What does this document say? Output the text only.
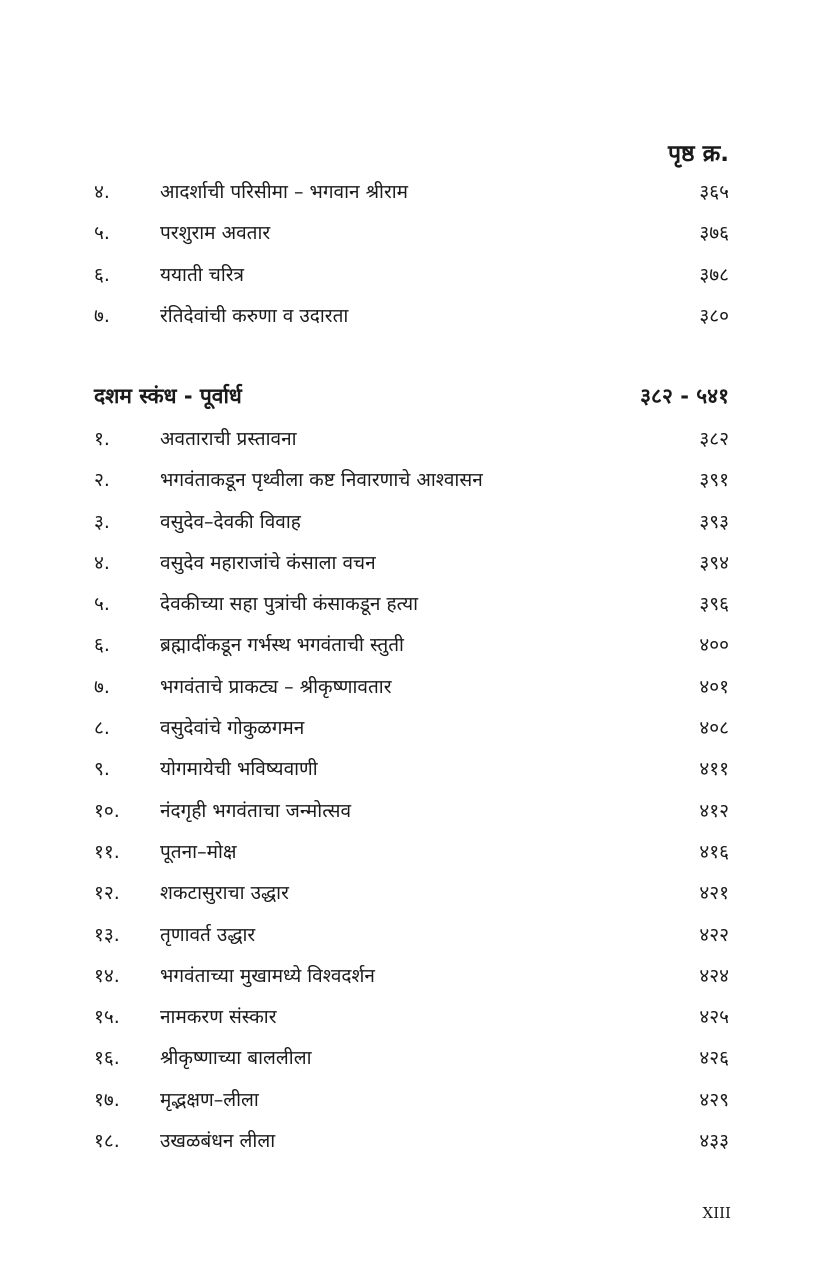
पृष्ठ क्र.
४.	आदर्शाची परिसीमा – भगवान श्रीराम	३६५
५.	परशुराम अवतार	३७६
६.	ययाती चरित्र	३७८
७.	रंतिदेवांची करुणा व उदारता	३८०
दशम स्कंध - पूर्वार्ध	३८२ - ५४१
१.	अवताराची प्रस्तावना	३८२
२.	भगवंताकडून पृथ्वीला कष्ट निवारणाचे आश्वासन	३९१
३.	वसुदेव–देवकी विवाह	३९३
४.	वसुदेव महाराजांचे कंसाला वचन	३९४
५.	देवकीच्या सहा पुत्रांची कंसाकडून हत्या	३९६
६.	ब्रह्मादींकडून गर्भस्थ भगवंताची स्तुती	४००
७.	भगवंताचे प्राकट्य – श्रीकृष्णावतार	४०१
८.	वसुदेवांचे गोकुळगमन	४०८
९.	योगमायेची भविष्यवाणी	४११
१०. नंदगृही भगवंताचा जन्मोत्सव	४१२
११. पूतना–मोक्ष	४१६
१२. शकटासुराचा उद्धार	४२१
१३. तृणावर्त उद्धार	४२२
१४. भगवंताच्या मुखामध्ये विश्वदर्शन	४२४
१५. नामकरण संस्कार	४२५
१६. श्रीकृष्णाच्या बाललीला	४२६
१७. मृद्भक्षण–लीला	४२९
१८. उखळबंधन लीला	४३३
XIII
